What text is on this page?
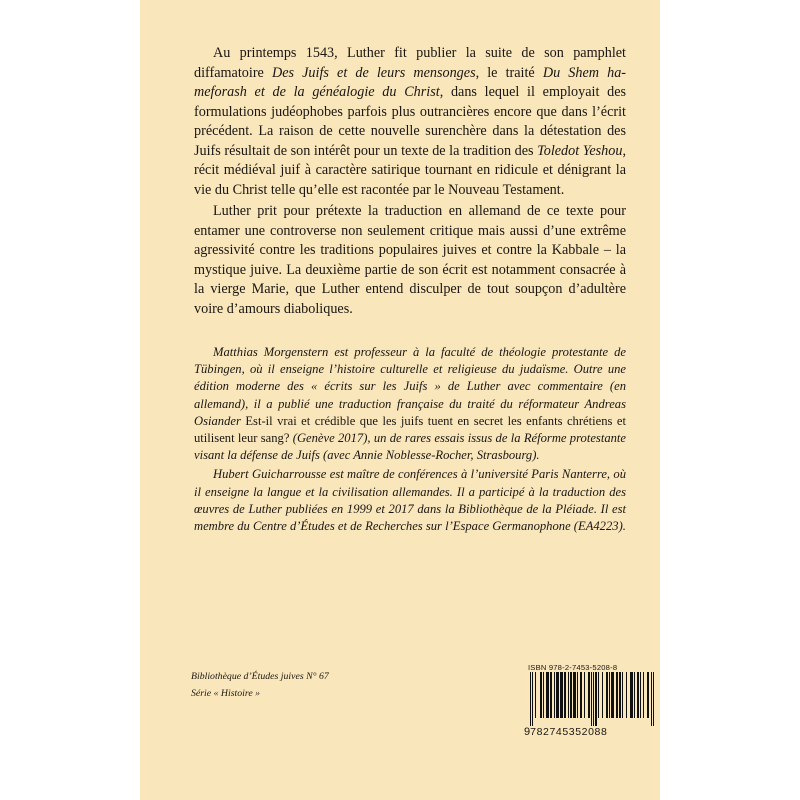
Au printemps 1543, Luther fit publier la suite de son pamphlet diffamatoire Des Juifs et de leurs mensonges, le traité Du Shem ha-meforash et de la généalogie du Christ, dans lequel il employait des formulations judéophobes parfois plus outrancières encore que dans l’écrit précédent. La raison de cette nouvelle surenchère dans la détestation des Juifs résultait de son intérêt pour un texte de la tradition des Toledot Yeshou, récit médiéval juif à caractère satirique tournant en ridicule et dénigrant la vie du Christ telle qu’elle est racontée par le Nouveau Testament.

Luther prit pour prétexte la traduction en allemand de ce texte pour entamer une controverse non seulement critique mais aussi d’une extrême agressivité contre les traditions populaires juives et contre la Kabbale – la mystique juive. La deuxième partie de son écrit est notamment consacrée à la vierge Marie, que Luther entend disculper de tout soupçon d’adultère voire d’amours diaboliques.

Matthias Morgenstern est professeur à la faculté de théologie protestante de Tübingen, où il enseigne l’histoire culturelle et religieuse du judaïsme. Outre une édition moderne des « écrits sur les Juifs » de Luther avec commentaire (en allemand), il a publié une traduction française du traité du réformateur Andreas Osiander Est-il vrai et crédible que les juifs tuent en secret les enfants chrétiens et utilisent leur sang? (Genève 2017), un de rares essais issus de la Réforme protestante visant la défense de Juifs (avec Annie Noblesse-Rocher, Strasbourg).

Hubert Guicharrousse est maître de conférences à l’université Paris Nanterre, où il enseigne la langue et la civilisation allemandes. Il a participé à la traduction des œuvres de Luther publiées en 1999 et 2017 dans la Bibliothèque de la Pléiade. Il est membre du Centre d’Études et de Recherches sur l’Espace Germanophone (EA4223).

Bibliothèque d’Études juives N° 67
Série « Histoire »
ISBN 978-2-7453-5208-8
9 782745352088
